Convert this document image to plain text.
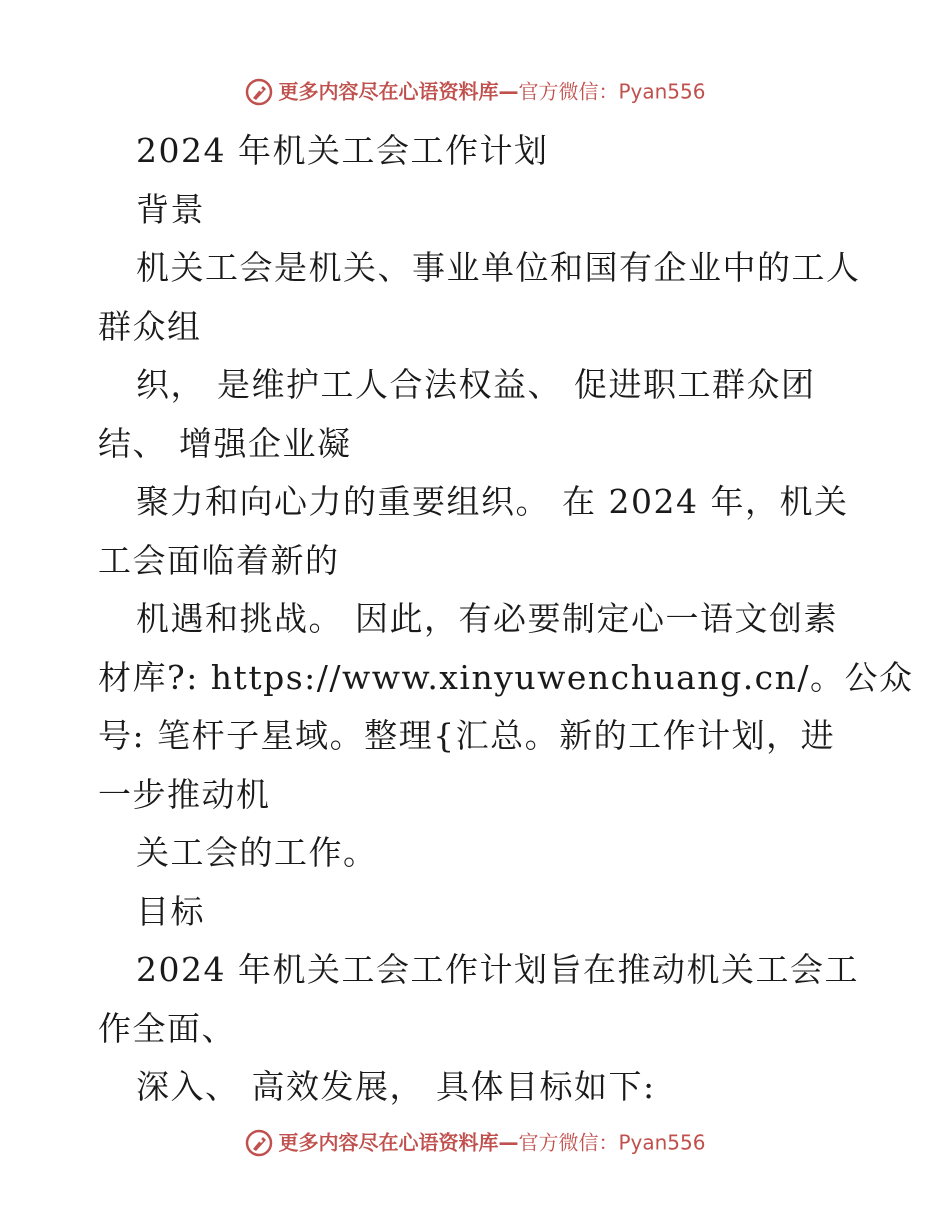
更多内容尽在心语资料库—官方微信：Pyan556
2024 年机关工会工作计划
背景
机关工会是机关、事业单位和国有企业中的工人
群众组
织， 是维护工人合法权益、 促进职工群众团
结、 增强企业凝
聚力和向心力的重要组织。 在 2024 年，机关
工会面临着新的
机遇和挑战。 因此，有必要制定心一语文创素
材库?: https://www.xinyuwenchuang.cn/。公众
号: 笔杆子星域。整理{汇总。新的工作计划，进
一步推动机
关工会的工作。
目标
2024 年机关工会工作计划旨在推动机关工会工
作全面、
深入、 高效发展， 具体目标如下:
更多内容尽在心语资料库—官方微信：Pyan556
